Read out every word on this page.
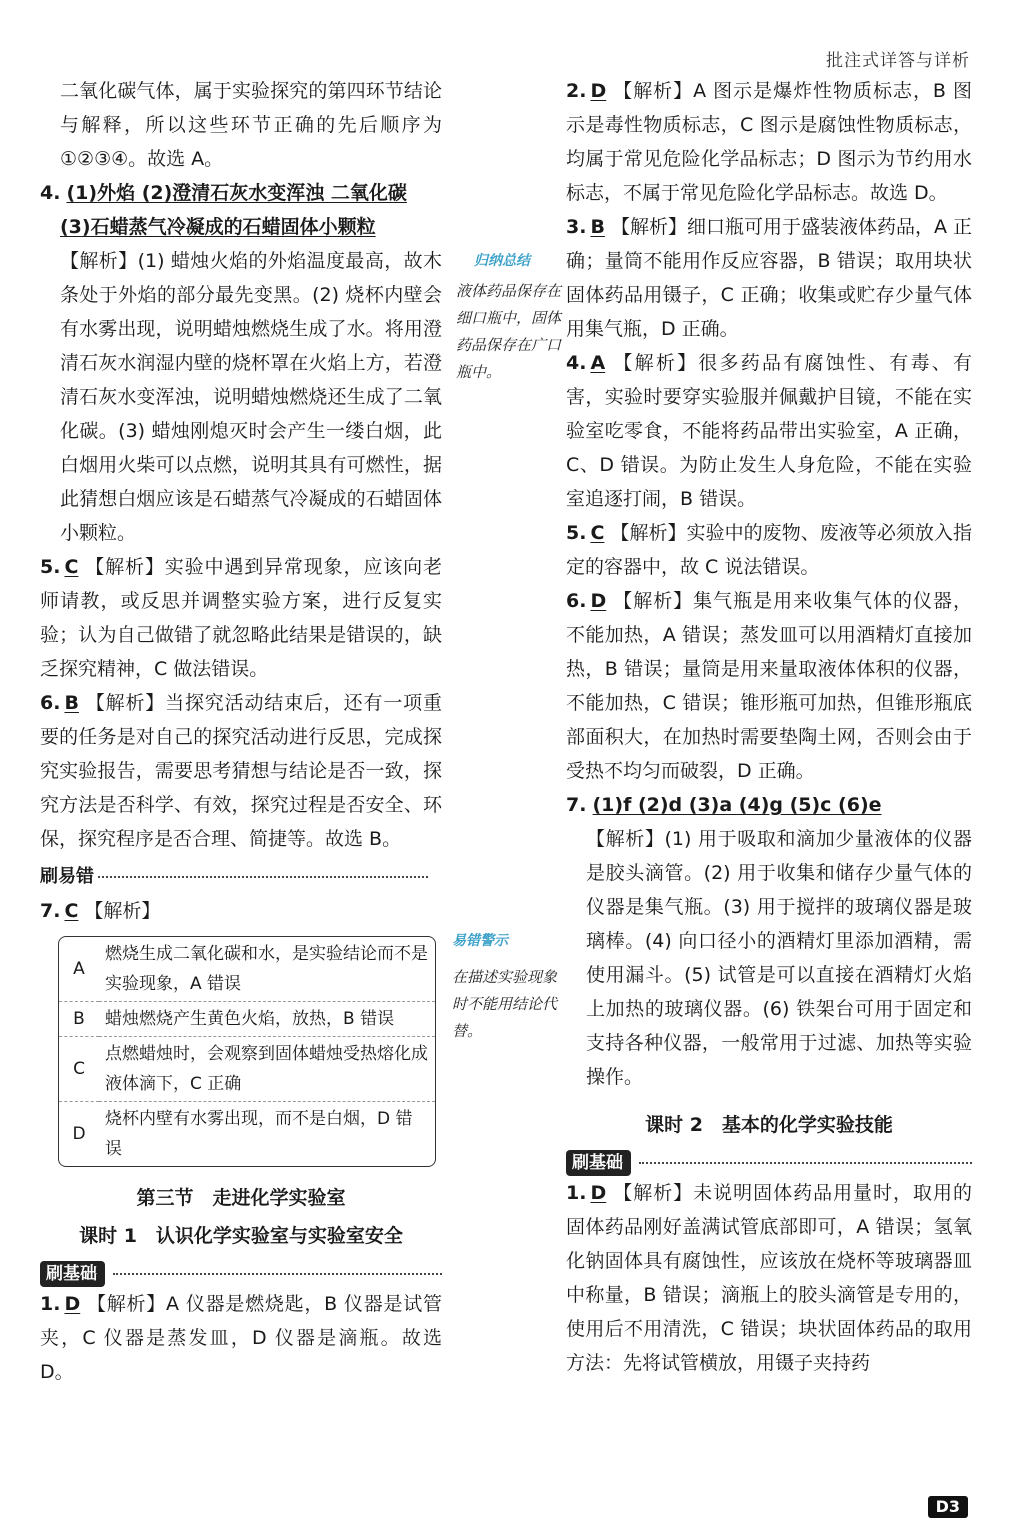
批注式详答与详析

二氧化碳气体，属于实验探究的第四环节结论与解释，所以这些环节正确的先后顺序为①②③④。故选 A。

4. (1)外焰 (2)澄清石灰水变浑浊 二氧化碳
(3)石蜡蒸气冷凝成的石蜡固体小颗粒

【解析】(1) 蜡烛火焰的外焰温度最高，故木条处于外焰的部分最先变黑。(2) 烧杯内壁会有水雾出现，说明蜡烛燃烧生成了水。将用澄清石灰水润湿内壁的烧杯罩在火焰上方，若澄清石灰水变浑浊，说明蜡烛燃烧还生成了二氧化碳。(3) 蜡烛刚熄灭时会产生一缕白烟，此白烟用火柴可以点燃，说明其具有可燃性，据此猜想白烟应该是石蜡蒸气冷凝成的石蜡固体小颗粒。

5. C 【解析】实验中遇到异常现象，应该向老师请教，或反思并调整实验方案，进行反复实验；认为自己做错了就忽略此结果是错误的，缺乏探究精神，C 做法错误。

6. B 【解析】当探究活动结束后，还有一项重要的任务是对自己的探究活动进行反思，完成探究实验报告，需要思考猜想与结论是否一致，探究方法是否科学、有效，探究过程是否安全、环保，探究程序是否合理、简捷等。故选 B。

刷易错

7. C 【解析】

A	燃烧生成二氧化碳和水，是实验结论而不是实验现象，A 错误
B	蜡烛燃烧产生黄色火焰，放热，B 错误
C	点燃蜡烛时，会观察到固体蜡烛受热熔化成液体滴下，C 正确
D	烧杯内壁有水雾出现，而不是白烟，D 错误
第三节　走进化学实验室
课时 1　认识化学实验室与实验室安全
刷基础

1. D 【解析】A 仪器是燃烧匙，B 仪器是试管夹，C 仪器是蒸发皿，D 仪器是滴瓶。故选 D。

归纳总结
液体药品保存在细口瓶中，固体药品保存在广口瓶中。
易错警示
在描述实验现象时不能用结论代替。

2. D 【解析】A 图示是爆炸性物质标志，B 图示是毒性物质标志，C 图示是腐蚀性物质标志，均属于常见危险化学品标志；D 图示为节约用水标志，不属于常见危险化学品标志。故选 D。

3. B 【解析】细口瓶可用于盛装液体药品，A 正确；量筒不能用作反应容器，B 错误；取用块状固体药品用镊子，C 正确；收集或贮存少量气体用集气瓶，D 正确。

4. A 【解析】很多药品有腐蚀性、有毒、有害，实验时要穿实验服并佩戴护目镜，不能在实验室吃零食，不能将药品带出实验室，A 正确，C、D 错误。为防止发生人身危险，不能在实验室追逐打闹，B 错误。

5. C 【解析】实验中的废物、废液等必须放入指定的容器中，故 C 说法错误。

6. D 【解析】集气瓶是用来收集气体的仪器，不能加热，A 错误；蒸发皿可以用酒精灯直接加热，B 错误；量筒是用来量取液体体积的仪器，不能加热，C 错误；锥形瓶可加热，但锥形瓶底部面积大，在加热时需要垫陶土网，否则会由于受热不均匀而破裂，D 正确。

7. (1)f (2)d (3)a (4)g (5)c (6)e

【解析】(1) 用于吸取和滴加少量液体的仪器是胶头滴管。(2) 用于收集和储存少量气体的仪器是集气瓶。(3) 用于搅拌的玻璃仪器是玻璃棒。(4) 向口径小的酒精灯里添加酒精，需使用漏斗。(5) 试管是可以直接在酒精灯火焰上加热的玻璃仪器。(6) 铁架台可用于固定和支持各种仪器，一般常用于过滤、加热等实验操作。

课时 2　基本的化学实验技能
刷基础

1. D 【解析】未说明固体药品用量时，取用的固体药品刚好盖满试管底部即可，A 错误；氢氧化钠固体具有腐蚀性，应该放在烧杯等玻璃器皿中称量，B 错误；滴瓶上的胶头滴管是专用的，使用后不用清洗，C 错误；块状固体药品的取用方法：先将试管横放，用镊子夹持药

D3
